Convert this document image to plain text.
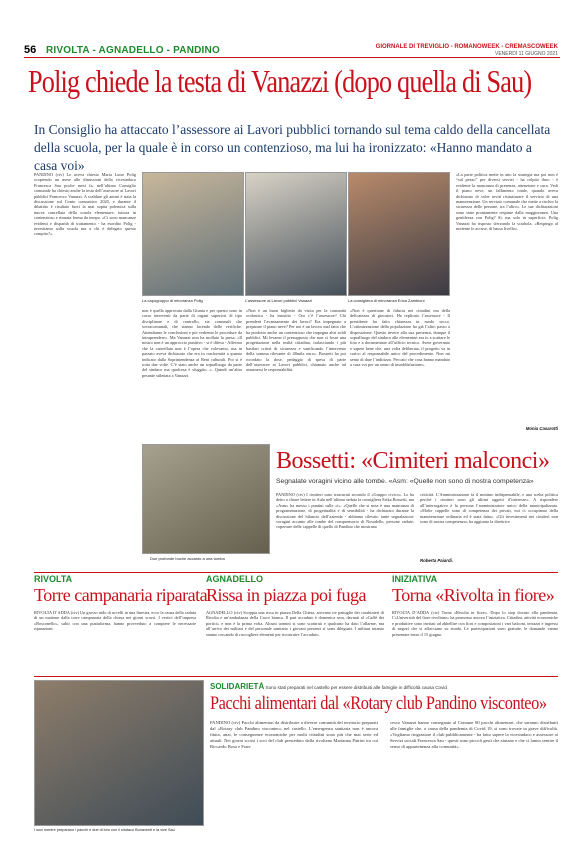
56 RIVOLTA - AGNADELLO - PANDINO	GIORNALE DI TREVIGLIO - ROMANOWEEK - CREMASCOWEEK
VENERDÌ 11 GIUGNO 2021
Polig chiede la testa di Vanazzi (dopo quella di Sau)
In Consiglio ha attaccato l’assessore ai Lavori pubblici tornando sul tema caldo della cancellata della scuola, per la quale è in corso un contenzioso, ma lui ha ironizzato: «Hanno mandato a casa voi»
PANDINO (ctv) Lo aveva chiesto Maria Luise Polig scoprendo un mese alle dimissioni della vicesindaco Francesca Sau poche mesi fa, nell’ultimo Consiglio comunale ha chiesto anche la testa dell’assessore ai Lavori pubblici Francesco Vanazzi. A scaldare gli animi è stata la discussione sul Conto consuntivo 2020, e durante il dibattito è risultato fuori la mai sopita polemica sulla nuova cancellata della scuola elementare, tuttora in contenzioso e rimasta ferma da tempo. «Ci sono mancanze evidenti e disparità di trattamento - ha esordito Polig - investiamo sulla scuola ma a chi è delegato questo compito?».
La capogruppo di minoranza Polig	L’assessore ai Lavori pubblici Vanazzi	La consigliera di minoranza Erica Zambioni
non è quella approvata dalla Giunta e per questo sono in corso interventi da parte di organi superiori di tipo disciplinare e di controllo, sia comunali che sovracomunali, che stanno facendo delle verifiche. Attendiamo le conclusioni e poi vedremo le procedure da intraprendere». Ma Vanazzi non ha mollato la presa. «Il nostro non è un approccio punitivo - si è difesa - Affermo che la cancellata non è l’opera che volevamo, ma in passato aveva dichiarato che era in conformità a quanto indicato dalla Soprintendenza ai Beni culturali. Poi si è rotta due volte. C’è stato anche un sopralluogo da parte del sindaco ma qualcosa è sfuggito...». Quindi un’altra pesante stilettata a Vanazzi.
«Non è un buon biglietto da visita per la comunità scolastica - ha insistito - Ora c’è l’assessore? Chi prenderà l’avanzamento dei lavori? Era impegnato a preparare il piano neve? Per noi è un lavoro mal fatto che ha prodotto anche un contenzioso che impegna altri soldi pubblici. Mi levamo il presupposto che non ci fosse una progettazione nella realtà cittadina, tralasciando i più basilari criteri di sicurezza e vanificando l’intervento della somma rilevante di 48mila euro». Bossetti ha poi ricordato la dose, pedaggio di spesa di parte dell’assessore ai Lavori pubblici, chiamato anche ad assumersi le responsabilità.
«Non è questione di fiducia nei cittadini ma della delicatezza di giocatori. Ha replicato l’assessore - Il presidente ha fatto chiarezza in modo secco. L’ottimizzazione della popolazione ha già l’altro passo a disposizione. Questo invece alla sua presenza, dunque il sopralluogo del sindaco alle elementari era io a scattare le foto e a documentare all’ufficio tecnico. Avete governato e sapete bene che, una volta deliberata, il progetto va in carico al responsabile unico del procedimento. Non mi sento di dare l’indirizzo. Peccato che cosa hanno mandato a casa voi per un senso di insoddisfazione».
«La parte politica mette in atto la strategia ma poi non è “sul pezzo” per diversi servizi - ha colpito duro - è evidente la mancanza di presenza, attenzione e cura. Vedi il piano neve, un fallimento totale, quando aveva dichiarato di voler inviti ristrutturare il servizio di una manutenzione. Un servizio comunale che mette a rischio la sicurezza delle persone, tra l’altro». Le sue dichiarazioni sono state prontamente respinte dalla maggioranza. Una gentilezza con Polig? Sì, ma solo in superficie. Polig Vanazzi ha risposto sferzando la sciabola. «Respingo al mittente le accuse, di basso livello».
Monia Casarotti
Due profonde buche accanto a una tomba
Bossetti: «Cimiteri malconci»
Segnalate voragini vicino alle tombe. «Asm: «Quelle non sono di nostra competenza»
PANDINO (ctv) I cimiteri sono trascurati secondo il «Gruppo civico». Lo ha detto a chiare lettere in Aula nell’ultima seduta la consigliera Erika Bossetti, ma «Asm» ha messo i puntini sulle «i». «Quelle che si nota è una mancanza di programmazione, di progettualità e di sensibilità - ha dichiarato durante la discussione del bilancio dell’azienda - abbiamo rilevato tante segnalazioni: voragini accanto alle tombe del comprensorio di Nosadello, persone cadute, coperture delle cappelle di quello di Pandino che mostrano
criticità. L’Amministrazione fa il minimo indispensabile, e una scelta politica perché i cimiteri sono gli ultimi oggetti d’interesse». A rispondere all’interrogativo è la persona l’amministratore unico della municipalizzata. «Molte cappelle sono di competenza dei privati, noi ci occupiamo della manutenzione ordinaria ed è stata fatta». «Gli investimenti nei cimiteri non sono di nostra competenza» ha aggiunto la direttrice
Roberta Paiardi.
RIVOLTA
Torre campanaria riparata
RIVOLTA D’ADDA (ctv) Un grosso nido di uccelli in una finestra, ecco la causa della caduta di un mattone dalla torre campanaria della chiesa nei giorni scorsi. I vertici dell’impresa «Bosconello», saliti con una piattaforma, hanno provveduto a compiere le necessarie riparazioni.
AGNADELLO
Rissa in piazza poi fuga
AGNADELLO (ctv) Scoppia una rissa in piazza Della Chiesa, arrivano tre pattuglie dei carabinieri di Rivolta e un’ambulanza della Croce bianca. Il pari accaduto è domenica sera, davanti al «Caffè dei portici» e non è la prima volta. Alcuni uomini si sono scontrati e qualcuno ha dato l’allarme, ma all’arrivo dei militari e del personale sanitario i giovani presenti si sono dileguati. I militari intanto stanno cercando di raccogliere elementi per ricostruire l’accaduto.
INIZIATIVA
Torna «Rivolta in fiore»
RIVOLTA D’ADDA (ctv) Torna «Rivolta in fiore». Dopo lo stop dovuto alla pandemia, l’«Università del fiore rivoltano» ha promosso ancora l’iniziativa. Cittadini, attività economiche e produttive sono invitati ad abbellire con fiori e composizioni i vari balconi, terrazzi e ingressi di negozi che si affacciano su strada. Le partecipazioni sono gratuite, le domande vanno presentate entro il 15 giugno.
I soci mentre preparano i pacchi e due di loro con il sindaco Bonaventi e la vice Sau
SOLIDARIETÀ Sono stati preparati nel castello per essere distribuiti alle famiglie in difficoltà causa Covid
Pacchi alimentari dal «Rotary club Pandino visconteo»
PANDINO (ctv) Pacchi alimentari da distribuire a diverse comunità del territorio preparati dal «Rotary club Pandino visconteo» nel castello. L’emergenza sanitaria non è ancora finita, anzi, le conseguenze economiche per molti cittadini sono più che mai serie ed attuali. Nei giorni scorsi i soci del club presieduto dalla rivoltana Marianna Patrini tra cui Riccardo Bosa e Fran-
cesco Vanazzi hanno consegnato al Comune 80 pacchi alimentari, che saranno distribuiti alle famiglie che, a causa della pandemia di Covid 19, si sono trovate in grave difficoltà. «Vogliamo ringraziare il club pubblicamente - ha fatto sapere la vicesindaco e assessore ai Servizi sociali Francesca Sau - questi sono piccoli gesti che aiutano e che ci fanno sentire il senso di appartenenza alla comunità».
